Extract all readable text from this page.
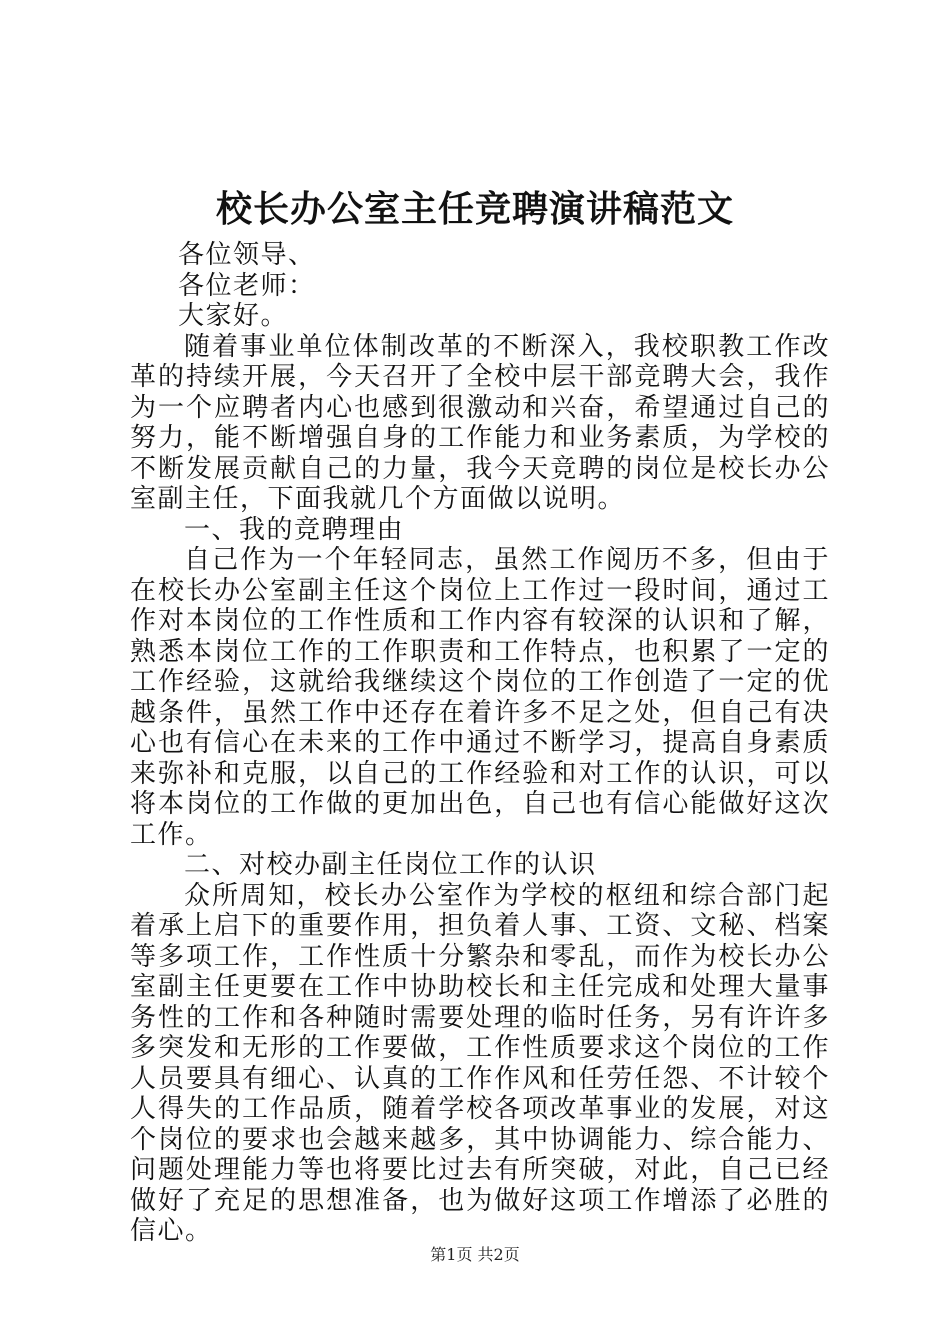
校长办公室主任竞聘演讲稿范文

各位领导、

各位老师：

大家好。

随着事业单位体制改革的不断深入，我校职教工作改革的持续开展，今天召开了全校中层干部竞聘大会，我作为一个应聘者内心也感到很激动和兴奋，希望通过自己的努力，能不断增强自身的工作能力和业务素质，为学校的不断发展贡献自己的力量，我今天竞聘的岗位是校长办公室副主任，下面我就几个方面做以说明。

一、我的竞聘理由

自己作为一个年轻同志，虽然工作阅历不多，但由于在校长办公室副主任这个岗位上工作过一段时间，通过工作对本岗位的工作性质和工作内容有较深的认识和了解，熟悉本岗位工作的工作职责和工作特点，也积累了一定的工作经验，这就给我继续这个岗位的工作创造了一定的优越条件，虽然工作中还存在着许多不足之处，但自己有决心也有信心在未来的工作中通过不断学习，提高自身素质来弥补和克服，以自己的工作经验和对工作的认识，可以将本岗位的工作做的更加出色，自己也有信心能做好这次工作。

二、对校办副主任岗位工作的认识

众所周知，校长办公室作为学校的枢纽和综合部门起着承上启下的重要作用，担负着人事、工资、文秘、档案等多项工作，工作性质十分繁杂和零乱，而作为校长办公室副主任更要在工作中协助校长和主任完成和处理大量事务性的工作和各种随时需要处理的临时任务，另有许许多多突发和无形的工作要做，工作性质要求这个岗位的工作人员要具有细心、认真的工作作风和任劳任怨、不计较个人得失的工作品质，随着学校各项改革事业的发展，对这个岗位的要求也会越来越多，其中协调能力、综合能力、问题处理能力等也将要比过去有所突破，对此，自己已经做好了充足的思想准备，也为做好这项工作增添了必胜的信心。

第1页 共2页
